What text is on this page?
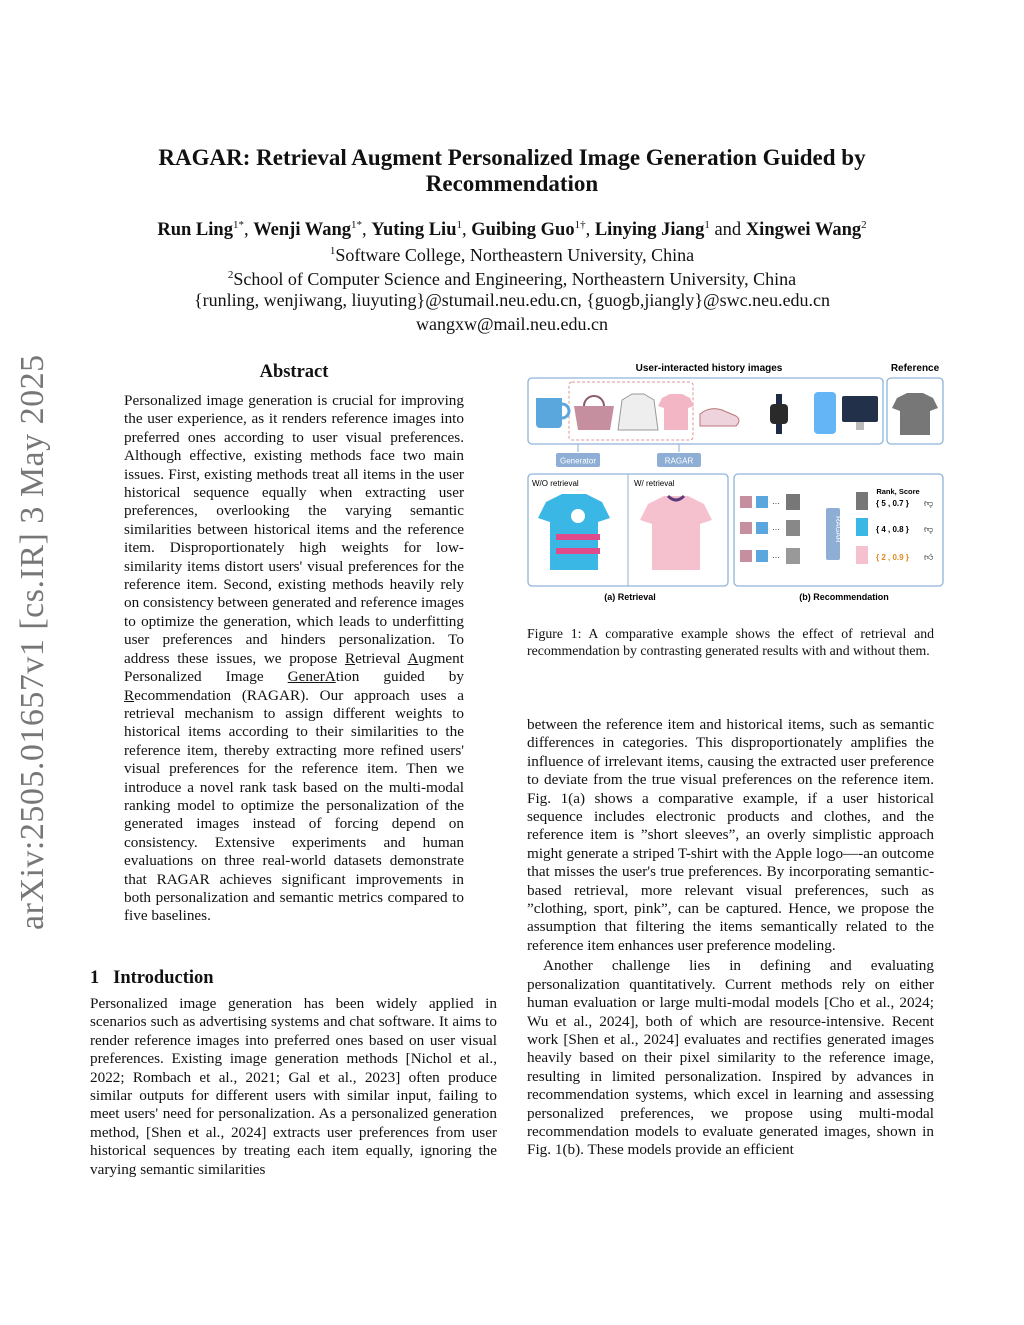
arXiv:2505.01657v1 [cs.IR] 3 May 2025
RAGAR: Retrieval Augment Personalized Image Generation Guided by
Recommendation
Run Ling$^{1*}$, Wenji Wang$^{1*}$, Yuting Liu$^1$, Guibing Guo$^{1\dagger}$, Linying Jiang$^1$ and Xingwei Wang$^2$
$^1$Software College, Northeastern University, China
$^2$School of Computer Science and Engineering, Northeastern University, China
{runling, wenjiwang, liuyuting}@stumail.neu.edu.cn, {guogb,jiangly}@swc.neu.edu.cn
wangxw@mail.neu.edu.cn
Abstract
Personalized image generation is crucial for improving the user experience, as it renders reference images into preferred ones according to user visual preferences. Although effective, existing methods face two main issues. First, existing methods treat all items in the user historical sequence equally when extracting user preferences, overlooking the varying semantic similarities between historical items and the reference item. Disproportionately high weights for low-similarity items distort users' visual preferences for the reference item. Second, existing methods heavily rely on consistency between generated and reference images to optimize the generation, which leads to underfitting user preferences and hinders personalization. To address these issues, we propose Retrieval Augment Personalized Image GenerAtion guided by Recommendation (RAGAR). Our approach uses a retrieval mechanism to assign different weights to historical items according to their similarities to the reference item, thereby extracting more refined users' visual preferences for the reference item. Then we introduce a novel rank task based on the multi-modal ranking model to optimize the personalization of the generated images instead of forcing depend on consistency. Extensive experiments and human evaluations on three real-world datasets demonstrate that RAGAR achieves significant improvements in both personalization and semantic metrics compared to five baselines.
1 Introduction
Personalized image generation has been widely applied in scenarios such as advertising systems and chat software. It aims to render reference images into preferred ones based on user visual preferences. Existing image generation methods [Nichol et al., 2022; Rombach et al., 2021; Gal et al., 2023] often produce similar outputs for different users with similar input, failing to meet users' need for personalization. As a personalized generation method, [Shen et al., 2024] extracts user preferences from user historical sequences by treating each item equally, ignoring the varying semantic similarities
User-interacted history images	Reference
Generator	RAGAR
W/O retrieval	W/ retrieval
Rank, Score
···	{ 5 , 0.7 } 👎︎
···	{ 4 , 0.8 } 👎︎
···	{ 2 , 0.9 } 👍︎
RAGAR
(a) Retrieval	(b) Recommendation
Figure 1: A comparative example shows the effect of retrieval and recommendation by contrasting generated results with and without them.

between the reference item and historical items, such as semantic differences in categories. This disproportionately amplifies the influence of irrelevant items, causing the extracted user preference to deviate from the true visual preferences on the reference item. Fig. 1(a) shows a comparative example, if a user historical sequence includes electronic products and clothes, and the reference item is ”short sleeves”, an overly simplistic approach might generate a striped T-shirt with the Apple logo—-an outcome that misses the user's true preferences. By incorporating semantic-based retrieval, more relevant visual preferences, such as ”clothing, sport, pink”, can be captured. Hence, we propose the assumption that filtering the items semantically related to the reference item enhances user preference modeling.

Another challenge lies in defining and evaluating personalization quantitatively. Current methods rely on either human evaluation or large multi-modal models [Cho et al., 2024; Wu et al., 2024], both of which are resource-intensive. Recent work [Shen et al., 2024] evaluates and rectifies generated images heavily based on their pixel similarity to the reference image, resulting in limited personalization. Inspired by advances in recommendation systems, which excel in learning and assessing personalized preferences, we propose using multi-modal recommendation models to evaluate generated images, shown in Fig. 1(b). These models provide an efficient
